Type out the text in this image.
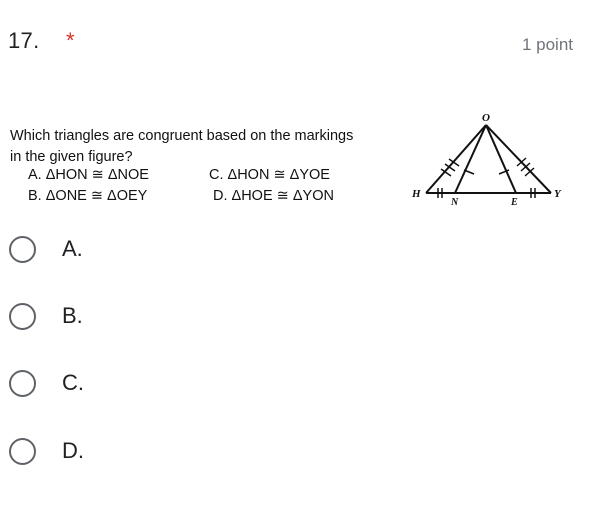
17. *	1 point
Which triangles are congruent based on the markings
in the given figure?
A. ΔHON ≅ ΔNOE	C. ΔHON ≅ ΔYOE
B. ΔONE ≅ ΔOEY	D. ΔHOE ≅ ΔYON
O
H
N	E
Y
A.
B.
C.
D.
